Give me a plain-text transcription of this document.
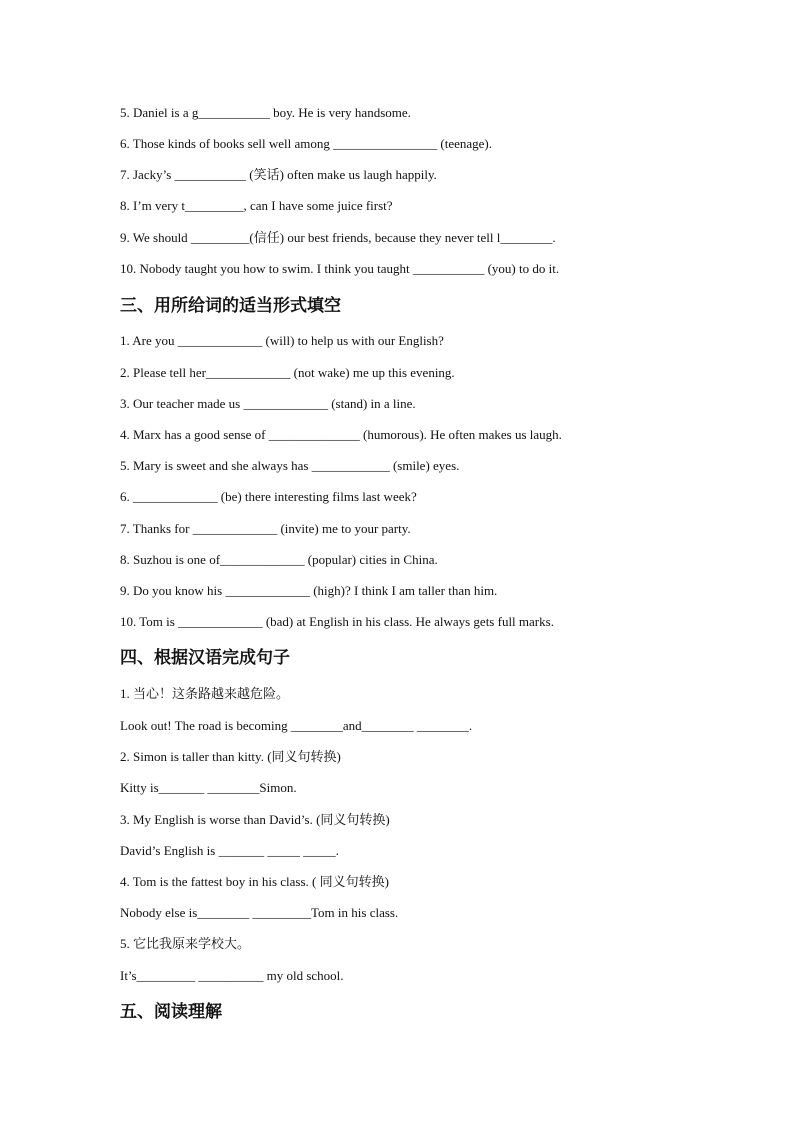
5. Daniel is a g___________ boy. He is very handsome.
6. Those kinds of books sell well among ________________ (teenage).
7. Jacky’s ___________ (笑话) often make us laugh happily.
8. I’m very t_________, can I have some juice first?
9. We should _________(信任) our best friends, because they never tell l________.
10. Nobody taught you how to swim. I think you taught ___________ (you) to do it.
三、用所给词的适当形式填空
1. Are you _____________ (will) to help us with our English?
2. Please tell her_____________ (not wake) me up this evening.
3. Our teacher made us _____________ (stand) in a line.
4. Marx has a good sense of ______________ (humorous). He often makes us laugh.
5. Mary is sweet and she always has ____________ (smile) eyes.
6. _____________ (be) there interesting films last week?
7. Thanks for _____________ (invite) me to your party.
8. Suzhou is one of_____________ (popular) cities in China.
9. Do you know his _____________ (high)? I think I am taller than him.
10. Tom is _____________ (bad) at English in his class. He always gets full marks.
四、根据汉语完成句子
1. 当心！这条路越来越危险。
Look out! The road is becoming ________and________ ________.
2. Simon is taller than kitty. (同义句转换)
Kitty is_______ ________Simon.
3. My English is worse than David’s. (同义句转换)
David’s English is _______ _____ _____.
4. Tom is the fattest boy in his class. ( 同义句转换)
Nobody else is________ _________Tom in his class.
5. 它比我原来学校大。
It’s_________ __________ my old school.
五、阅读理解
